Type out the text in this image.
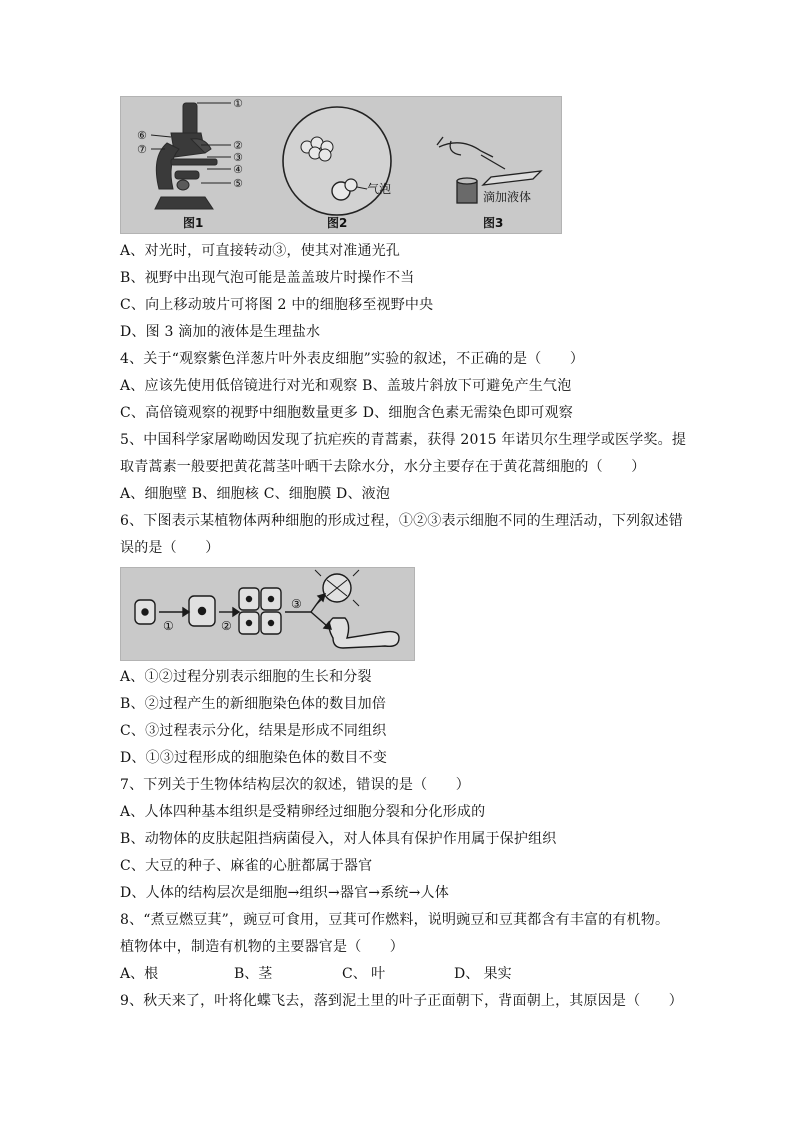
①
②
③
④
⑤
⑥
⑦
图1
气泡
图2
滴加液体
图3
A、对光时，可直接转动③，使其对准通光孔
B、视野中出现气泡可能是盖盖玻片时操作不当
C、向上移动玻片可将图 2 中的细胞移至视野中央
D、图 3 滴加的液体是生理盐水
4、关于“观察紫色洋葱片叶外表皮细胞”实验的叙述，不正确的是（　　）
A、应该先使用低倍镜进行对光和观察 B、盖玻片斜放下可避免产生气泡
C、高倍镜观察的视野中细胞数量更多 D、细胞含色素无需染色即可观察
5、中国科学家屠呦呦因发现了抗疟疾的青蒿素，获得 2015 年诺贝尔生理学或医学奖。提
取青蒿素一般要把黄花蒿茎叶晒干去除水分，水分主要存在于黄花蒿细胞的（　　）
A、细胞壁 B、细胞核 C、细胞膜 D、液泡
6、下图表示某植物体两种细胞的形成过程，①②③表示细胞不同的生理活动，下列叙述错
误的是（　　）
①	②
③
A、①②过程分别表示细胞的生长和分裂
B、②过程产生的新细胞染色体的数目加倍
C、③过程表示分化，结果是形成不同组织
D、①③过程形成的细胞染色体的数目不变
7、下列关于生物体结构层次的叙述，错误的是（　　）
A、人体四种基本组织是受精卵经过细胞分裂和分化形成的
B、动物体的皮肤起阻挡病菌侵入，对人体具有保护作用属于保护组织
C、大豆的种子、麻雀的心脏都属于器官
D、人体的结构层次是细胞→组织→器官→系统→人体
8、“煮豆燃豆萁”，豌豆可食用，豆萁可作燃料，说明豌豆和豆萁都含有丰富的有机物。
植物体中，制造有机物的主要器官是（　　）
A、根	B、茎	C、 叶	D、 果实
9、秋天来了，叶将化蝶飞去，落到泥土里的叶子正面朝下，背面朝上，其原因是（　　）
